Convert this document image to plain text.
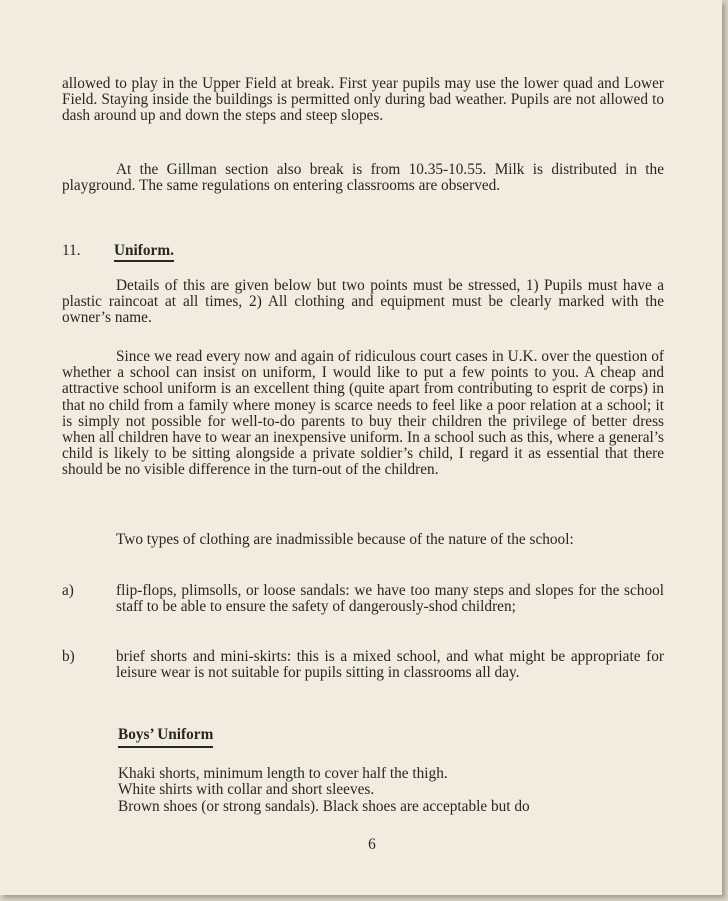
allowed to play in the Upper Field at break. First year pupils may use the lower quad and Lower Field. Staying inside the buildings is permitted only during bad weather. Pupils are not allowed to dash around up and down the steps and steep slopes.

At the Gillman section also break is from 10.35-10.55. Milk is distributed in the playground. The same regulations on entering classrooms are observed.

11. Uniform.

Details of this are given below but two points must be stressed, 1) Pupils must have a plastic raincoat at all times, 2) All clothing and equipment must be clearly marked with the owner’s name.

Since we read every now and again of ridiculous court cases in U.K. over the question of whether a school can insist on uniform, I would like to put a few points to you. A cheap and attractive school uniform is an excellent thing (quite apart from contributing to esprit de corps) in that no child from a family where money is scarce needs to feel like a poor relation at a school; it is simply not possible for well-to-do parents to buy their children the privilege of better dress when all children have to wear an inexpensive uniform. In a school such as this, where a general’s child is likely to be sitting alongside a private soldier’s child, I regard it as essential that there should be no visible difference in the turn-out of the children.

Two types of clothing are inadmissible because of the nature of the school:

a)	flip-flops, plimsolls, or loose sandals: we have too many steps and slopes for the school staff to be able to ensure the safety of dangerously-shod children;
b)	brief shorts and mini-skirts: this is a mixed school, and what might be appropriate for leisure wear is not suitable for pupils sitting in classrooms all day.
Boys’ Uniform
Khaki shorts, minimum length to cover half the thigh.
White shirts with collar and short sleeves.
Brown shoes (or strong sandals). Black shoes are acceptable but do
6
